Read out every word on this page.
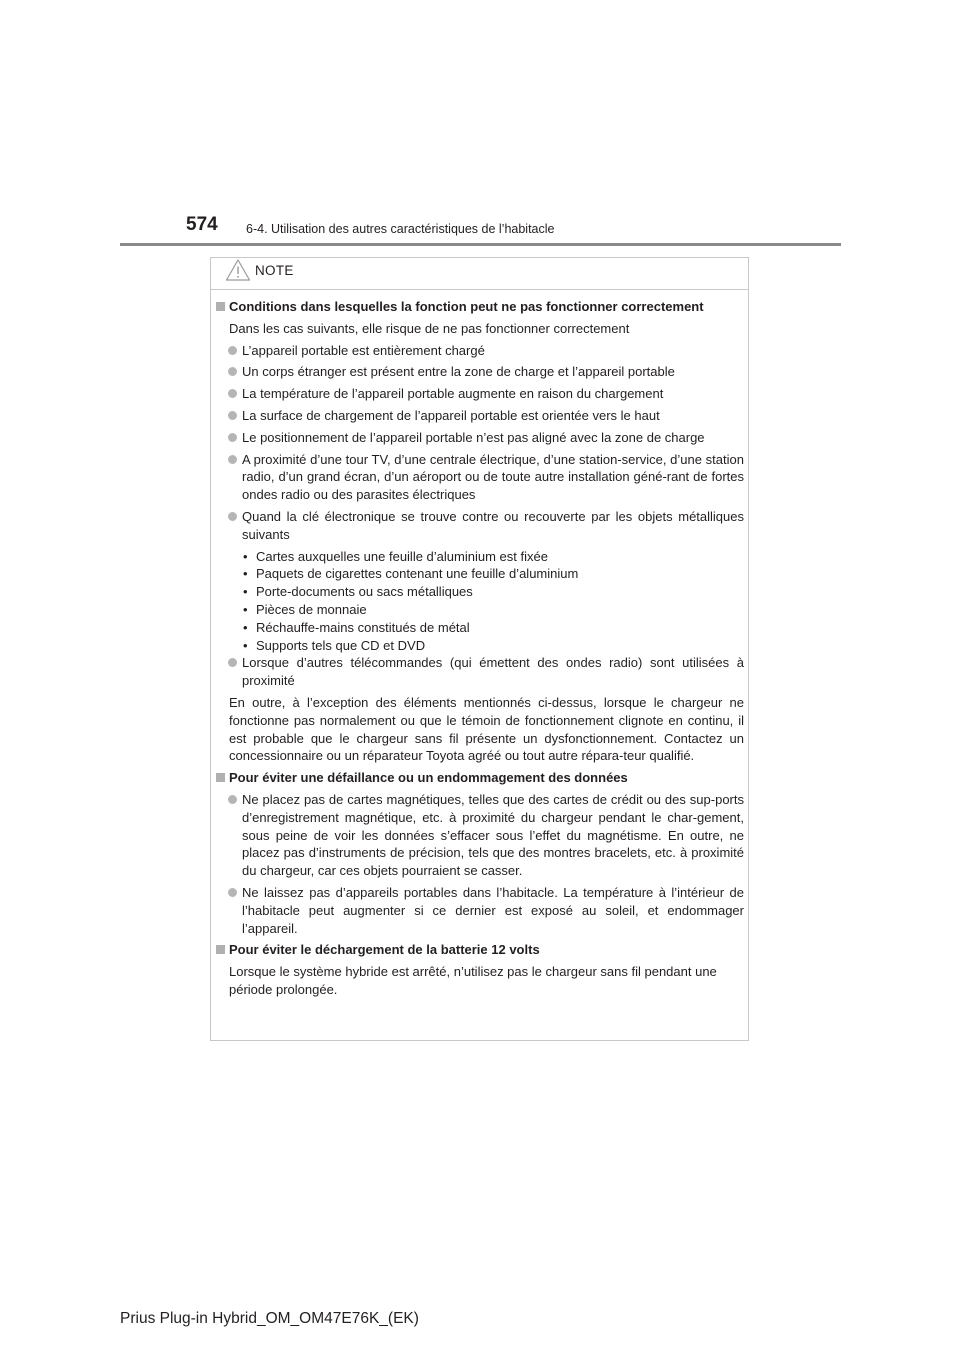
574 6-4. Utilisation des autres caractéristiques de l’habitacle
NOTE
Conditions dans lesquelles la fonction peut ne pas fonctionner correctement
Dans les cas suivants, elle risque de ne pas fonctionner correctement
L’appareil portable est entièrement chargé
Un corps étranger est présent entre la zone de charge et l’appareil portable
La température de l’appareil portable augmente en raison du chargement
La surface de chargement de l’appareil portable est orientée vers le haut
Le positionnement de l’appareil portable n’est pas aligné avec la zone de charge
A proximité d’une tour TV, d’une centrale électrique, d’une station-service, d’une station radio, d’un grand écran, d’un aéroport ou de toute autre installation géné-rant de fortes ondes radio ou des parasites électriques
Quand la clé électronique se trouve contre ou recouverte par les objets métalliques suivants
• Cartes auxquelles une feuille d’aluminium est fixée
• Paquets de cigarettes contenant une feuille d’aluminium
• Porte-documents ou sacs métalliques
• Pièces de monnaie
• Réchauffe-mains constitués de métal
• Supports tels que CD et DVD
Lorsque d’autres télécommandes (qui émettent des ondes radio) sont utilisées à proximité
En outre, à l’exception des éléments mentionnés ci-dessus, lorsque le chargeur ne fonctionne pas normalement ou que le témoin de fonctionnement clignote en continu, il est probable que le chargeur sans fil présente un dysfonctionnement. Contactez un concessionnaire ou un réparateur Toyota agréé ou tout autre répara-teur qualifié.
Pour éviter une défaillance ou un endommagement des données
Ne placez pas de cartes magnétiques, telles que des cartes de crédit ou des sup-ports d’enregistrement magnétique, etc. à proximité du chargeur pendant le char-gement, sous peine de voir les données s’effacer sous l’effet du magnétisme. En outre, ne placez pas d’instruments de précision, tels que des montres bracelets, etc. à proximité du chargeur, car ces objets pourraient se casser.
Ne laissez pas d’appareils portables dans l’habitacle. La température à l’intérieur de l’habitacle peut augmenter si ce dernier est exposé au soleil, et endommager l’appareil.
Pour éviter le déchargement de la batterie 12 volts
Lorsque le système hybride est arrêté, n’utilisez pas le chargeur sans fil pendant une période prolongée.
Prius Plug-in Hybrid_OM_OM47E76K_(EK)
